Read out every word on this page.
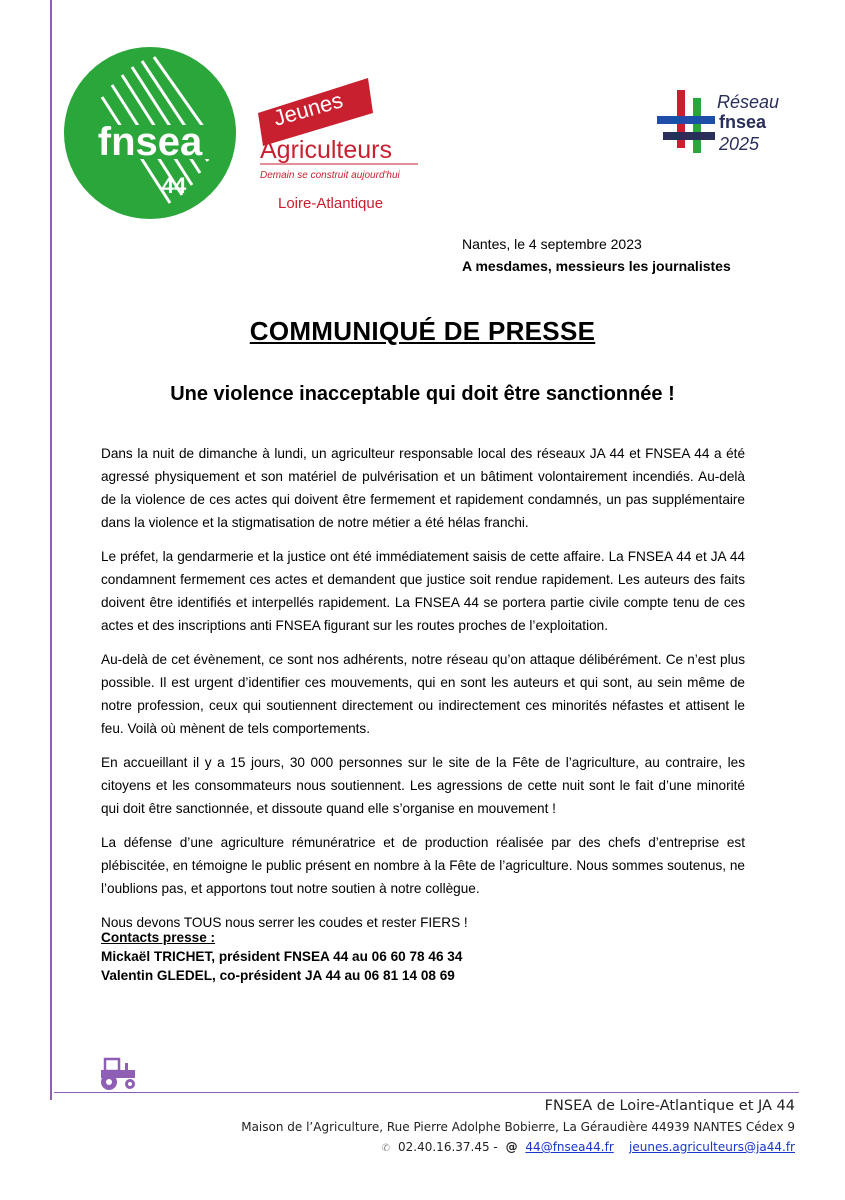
fnsea
44
Jeunes
Agriculteurs
Demain se construit aujourd'hui
Loire-Atlantique
Réseau
fnsea
2025
Nantes, le 4 septembre 2023
A mesdames, messieurs les journalistes
COMMUNIQUÉ DE PRESSE
Une violence inacceptable qui doit être sanctionnée !

Dans la nuit de dimanche à lundi, un agriculteur responsable local des réseaux JA 44 et FNSEA 44 a été agressé physiquement et son matériel de pulvérisation et un bâtiment volontairement incendiés. Au-delà de la violence de ces actes qui doivent être fermement et rapidement condamnés, un pas supplémentaire dans la violence et la stigmatisation de notre métier a été hélas franchi.

Le préfet, la gendarmerie et la justice ont été immédiatement saisis de cette affaire. La FNSEA 44 et JA 44 condamnent fermement ces actes et demandent que justice soit rendue rapidement. Les auteurs des faits doivent être identifiés et interpellés rapidement. La FNSEA 44 se portera partie civile compte tenu de ces actes et des inscriptions anti FNSEA figurant sur les routes proches de l’exploitation.

Au-delà de cet évènement, ce sont nos adhérents, notre réseau qu’on attaque délibérément. Ce n’est plus possible. Il est urgent d’identifier ces mouvements, qui en sont les auteurs et qui sont, au sein même de notre profession, ceux qui soutiennent directement ou indirectement ces minorités néfastes et attisent le feu. Voilà où mènent de tels comportements.

En accueillant il y a 15 jours, 30 000 personnes sur le site de la Fête de l’agriculture, au contraire, les citoyens et les consommateurs nous soutiennent. Les agressions de cette nuit sont le fait d’une minorité qui doit être sanctionnée, et dissoute quand elle s’organise en mouvement !

La défense d’une agriculture rémunératrice et de production réalisée par des chefs d’entreprise est plébiscitée, en témoigne le public présent en nombre à la Fête de l’agriculture. Nous sommes soutenus, ne l’oublions pas, et apportons tout notre soutien à notre collègue.

Nous devons TOUS nous serrer les coudes et rester FIERS !

Contacts presse :
Mickaël TRICHET, président FNSEA 44 au 06 60 78 46 34
Valentin GLEDEL, co-président JA 44 au 06 81 14 08 69
FNSEA de Loire-Atlantique et JA 44
Maison de l’Agriculture, Rue Pierre Adolphe Bobierre, La Géraudière 44939 NANTES Cédex 9
✆ 02.40.16.37.45 - @ 44@fnsea44.fr jeunes.agriculteurs@ja44.fr
